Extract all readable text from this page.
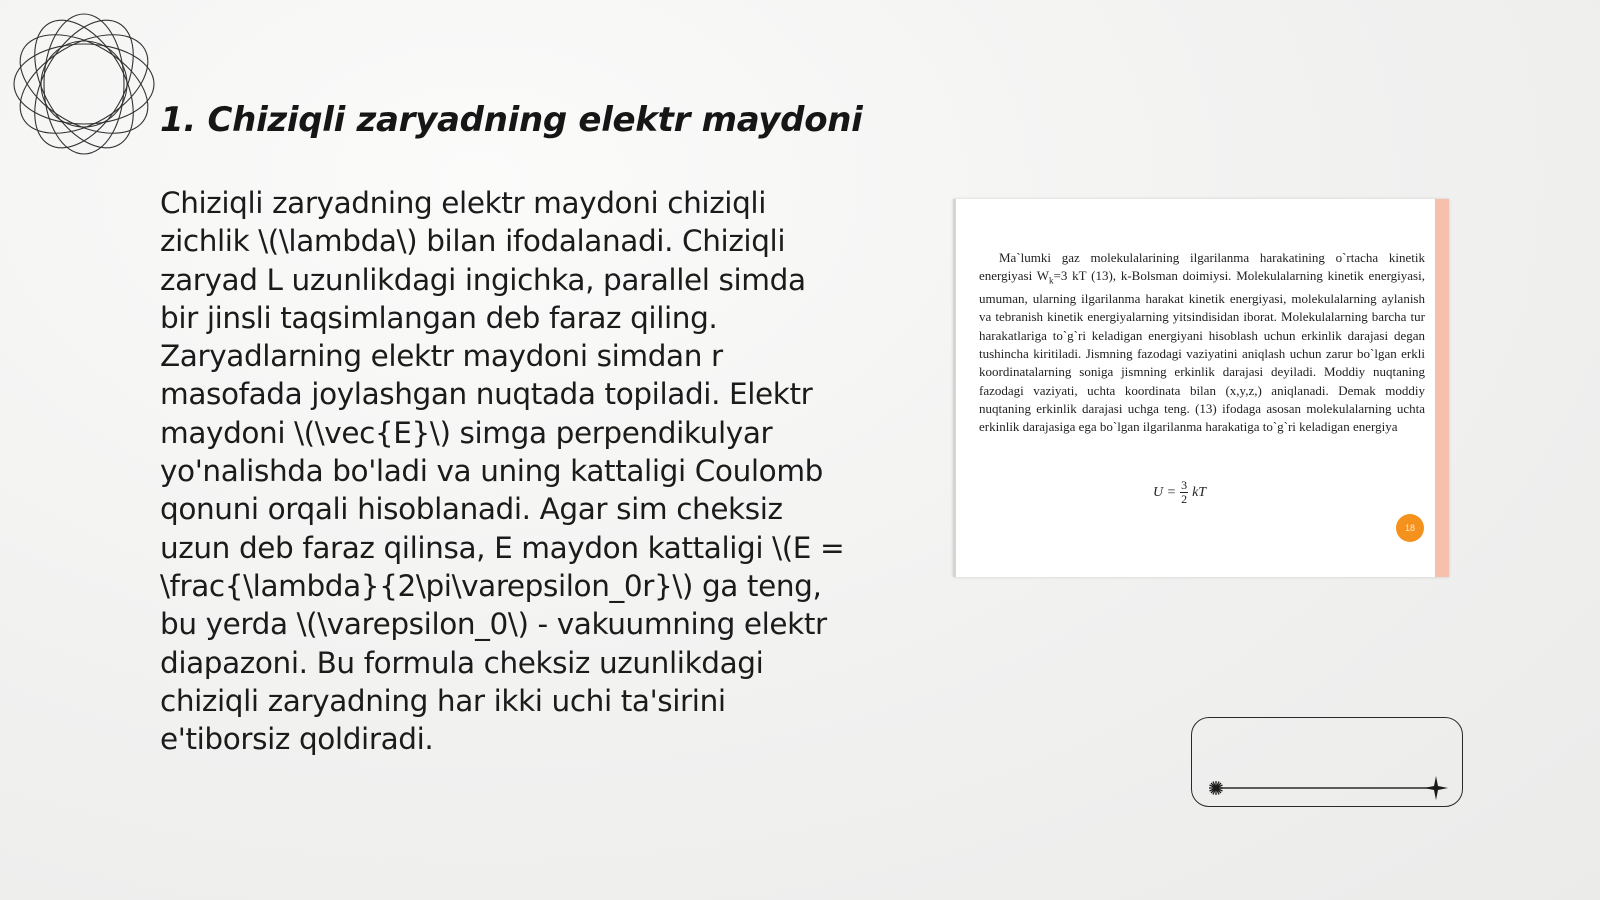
1. Chiziqli zaryadning elektr maydoni

Chiziqli zaryadning elektr maydoni chiziqli zichlik \(\lambda\) bilan ifodalanadi. Chiziqli zaryad L uzunlikdagi ingichka, parallel simda bir jinsli taqsimlangan deb faraz qiling. Zaryadlarning elektr maydoni simdan r masofada joylashgan nuqtada topiladi. Elektr maydoni \(\vec{E}\) simga perpendikulyar yo'nalishda bo'ladi va uning kattaligi Coulomb qonuni orqali hisoblanadi. Agar sim cheksiz uzun deb faraz qilinsa, E maydon kattaligi \(E = \frac{\lambda}{2\pi\varepsilon_0r}\) ga teng, bu yerda \(\varepsilon_0\) - vakuumning elektr diapazoni. Bu formula cheksiz uzunlikdagi chiziqli zaryadning har ikki uchi ta'sirini e'tiborsiz qoldiradi.

Ma`lumki gaz molekulalarining ilgarilanma harakatining o`rtacha kinetik energiyasi $W_k=3$ kT (13), k-Bolsman doimiysi. Molekulalarning kinetik energiyasi, umuman, ularning ilgarilanma harakat kinetik energiyasi, molekulalarning aylanish va tebranish kinetik energiyalarning yitsindisidan iborat. Molekulalarning barcha tur harakatlariga to`g`ri keladigan energiyani hisoblash uchun erkinlik darajasi degan tushincha kiritiladi. Jismning fazodagi vaziyatini aniqlash uchun zarur bo`lgan erkli koordinatalarning soniga jismning erkinlik darajasi deyiladi. Moddiy nuqtaning fazodagi vaziyati, uchta koordinata bilan (x,y,z,) aniqlanadi. Demak moddiy nuqtaning erkinlik darajasi uchga teng. (13) ifodaga asosan molekulalarning uchta erkinlik darajasiga ega bo`lgan ilgarilanma harakatiga to`g`ri keladigan energiya

$U = \frac{3}{2}$ kT
18
